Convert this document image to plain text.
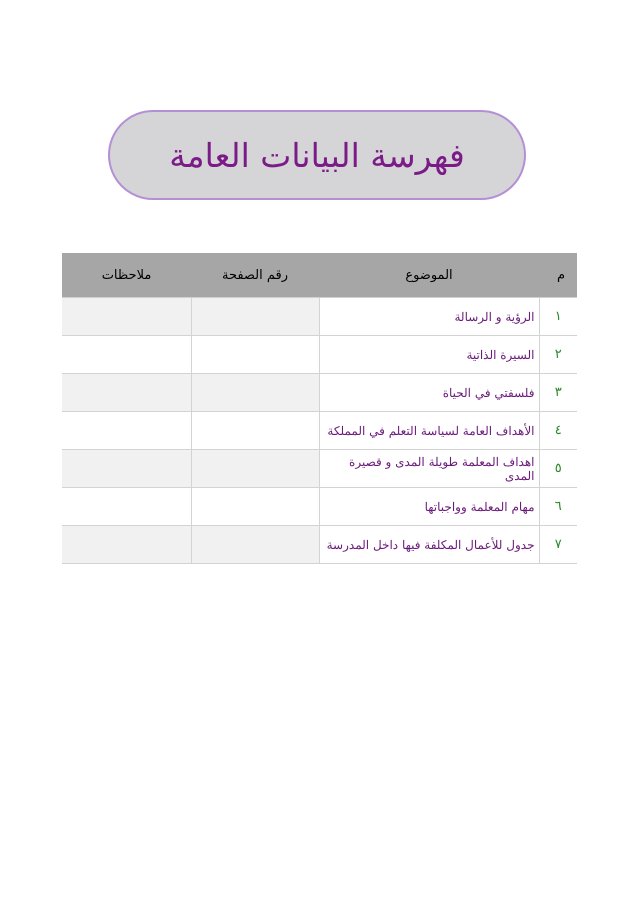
فهرسة البيانات العامة
م	الموضوع	رقم الصفحة	ملاحظات
١	الرؤية و الرسالة		
٢	السيرة الذاتية		
٣	فلسفتي في الحياة		
٤	الأهداف العامة لسياسة التعلم في المملكة		
٥	اهداف المعلمة طويلة المدى و قصيرة المدى		
٦	مهام المعلمة وواجباتها		
٧	جدول للأعمال المكلفة فيها داخل المدرسة		
